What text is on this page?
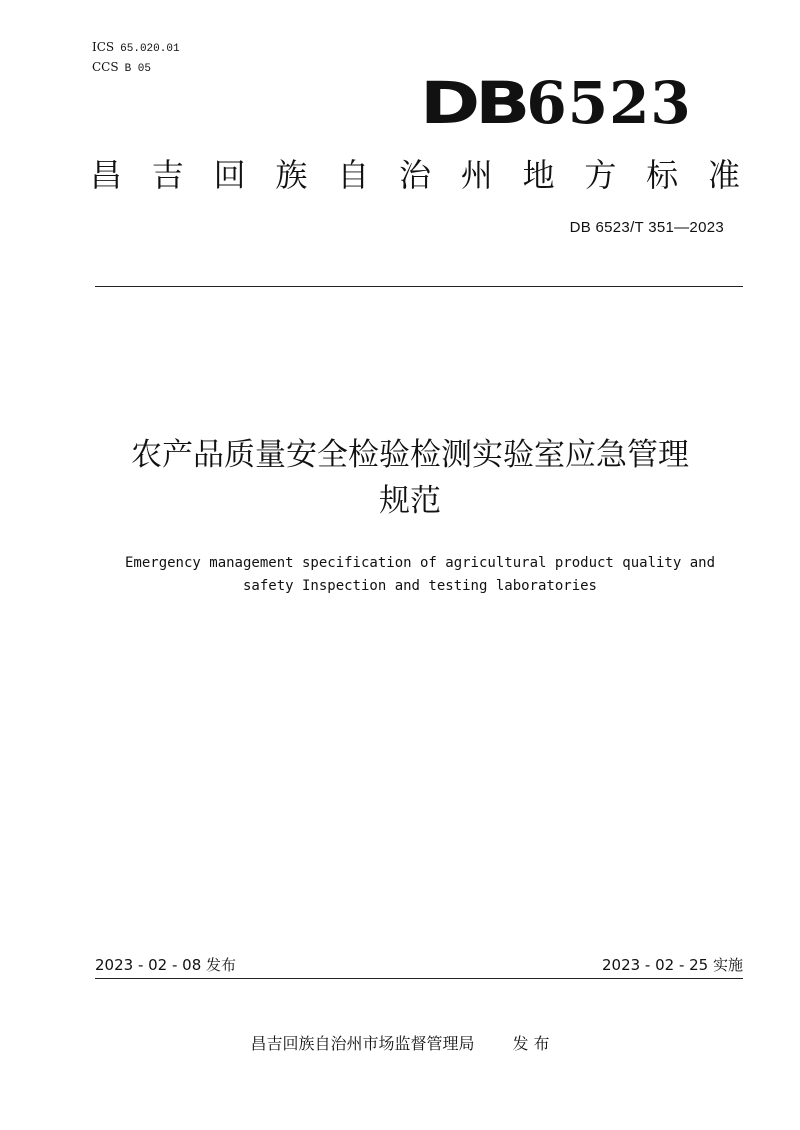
ICS 65.020.01
CCS B 05	DB 6523
昌 吉 回 族 自 治 州 地 方 标 准
DB 6523/T 351—2023
农产品质量安全检验检测实验室应急管理
规范
Emergency management specification of agricultural product quality and
safety Inspection and testing laboratories
2023 - 02 - 08 发布	2023 - 02 - 25 实施
昌吉回族自治州市场监督管理局 发 布
